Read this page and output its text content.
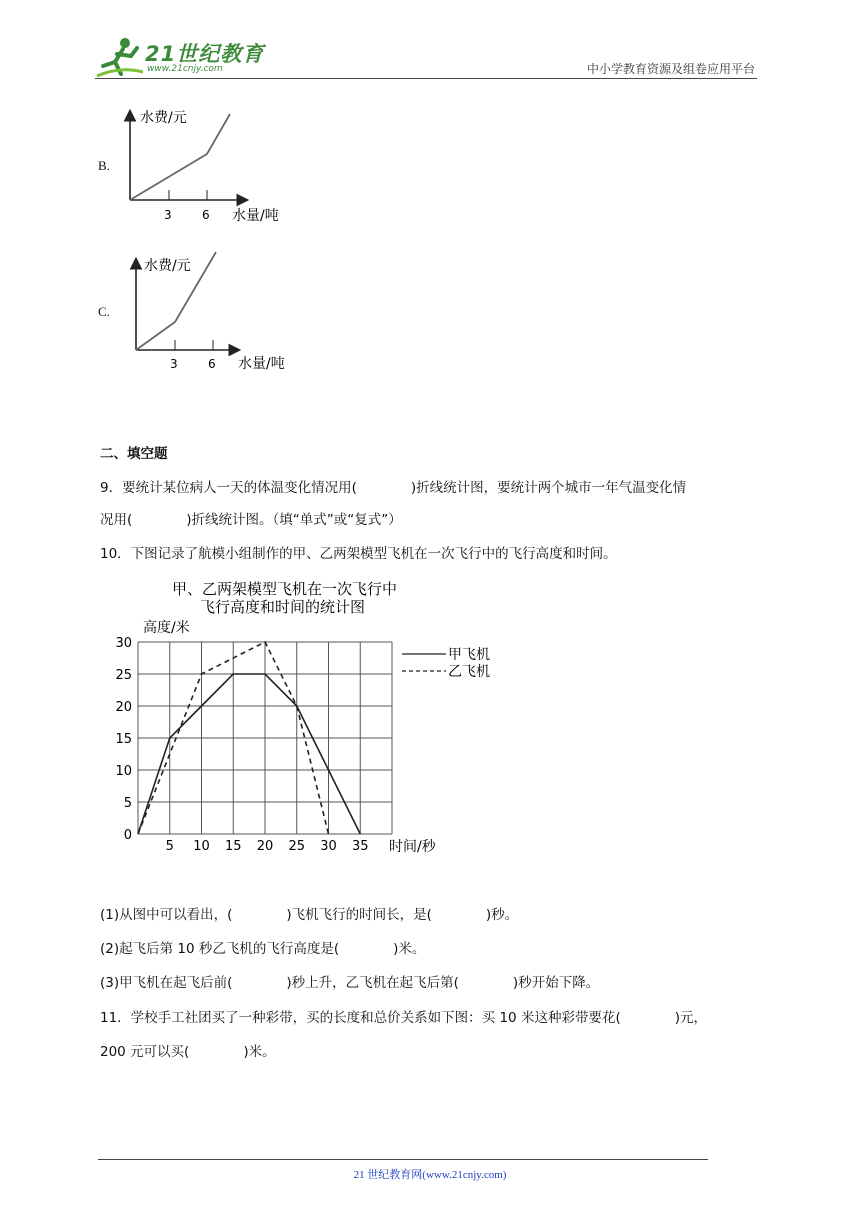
21世纪教育
www.21cnjy.com	中小学教育资源及组卷应用平台
B.
水费/元
3	6 水量/吨
C.
水费/元
3	6 水量/吨
二、填空题
9．要统计某位病人一天的体温变化情况用(　　　　)折线统计图，要统计两个城市一年气温变化情
况用(　　　　)折线统计图。（填“单式”或“复式”）
10．下图记录了航模小组制作的甲、乙两架模型飞机在一次飞行中的飞行高度和时间。
甲、乙两架模型飞机在一次飞行中
飞行高度和时间的统计图
高度/米
时间/秒
0
5
10
15
20
25
30
5 10 15 20 25 30 35
甲飞机
乙飞机
(1)从图中可以看出，(　　　　)飞机飞行的时间长，是(　　　　)秒。
(2)起飞后第 10 秒乙飞机的飞行高度是(　　　　)米。
(3)甲飞机在起飞后前(　　　　)秒上升，乙飞机在起飞后第(　　　　)秒开始下降。
11．学校手工社团买了一种彩带，买的长度和总价关系如下图：买 10 米这种彩带要花(　　　　)元，
200 元可以买(　　　　)米。
21 世纪教育网(www.21cnjy.com)
